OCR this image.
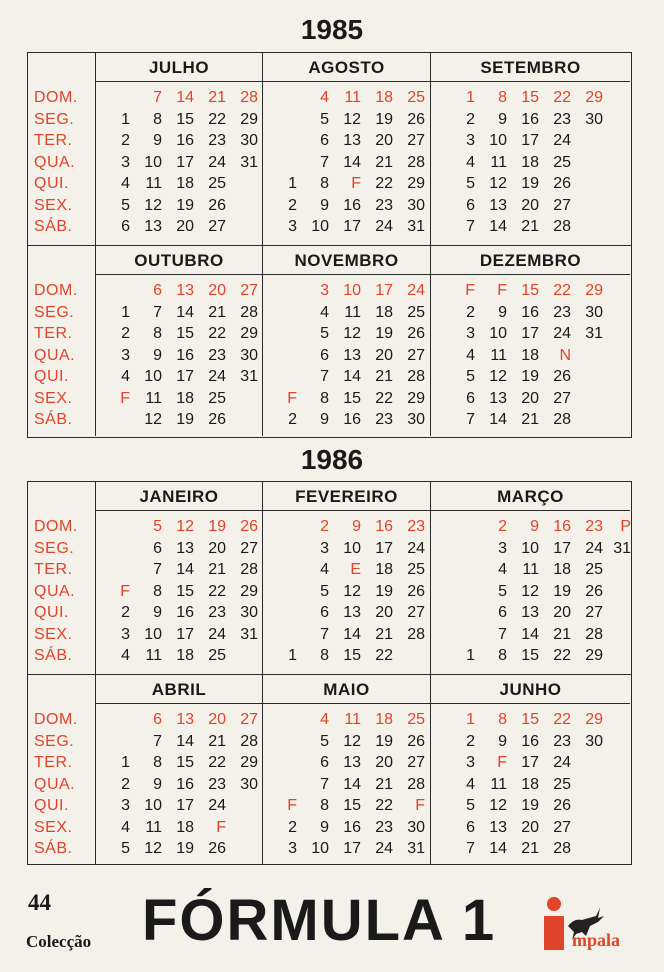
1985
DOM.
SEG.
TER.
QUA.
QUI.
SEX.
SÁB.
JULHO
1
2
3
4
5
6
7
8
9
10
11
12
13
14
15
16
17
18
19
20
21
22
23
24
25
26
27
28
29
30
31
AGOSTO
1
2
3
4
5
6
7
8
9
10
11
12
13
14
F
16
17
18
19
20
21
22
23
24
25
26
27
28
29
30
31
SETEMBRO
1
2
3
4
5
6
7
8
9
10
11
12
13
14
15
16
17
18
19
20
21
22
23
24
25
26
27
28
29
30
DOM.
SEG.
TER.
QUA.
QUI.
SEX.
SÁB.
OUTUBRO
1
2
3
4
F
6
7
8
9
10
11
12
13
14
15
16
17
18
19
20
21
22
23
24
25
26
27
28
29
30
31
NOVEMBRO
F
2
3
4
5
6
7
8
9
10
11
12
13
14
15
16
17
18
19
20
21
22
23
24
25
26
27
28
29
30
DEZEMBRO
F
2
3
4
5
6
7
F
9
10
11
12
13
14
15
16
17
18
19
20
21
22
23
24
N
26
27
28
29
30
31
1986
DOM.
SEG.
TER.
QUA.
QUI.
SEX.
SÁB.
JANEIRO
F
2
3
4
5
6
7
8
9
10
11
12
13
14
15
16
17
18
19
20
21
22
23
24
25
26
27
28
29
30
31
FEVEREIRO
1
2
3
4
5
6
7
8
9
10
E
12
13
14
15
16
17
18
19
20
21
22
23
24
25
26
27
28
MARÇO
1
2
3
4
5
6
7
8
9
10
11
12
13
14
15
16
17
18
19
20
21
22
23
24
25
26
27
28
29
P
31
DOM.
SEG.
TER.
QUA.
QUI.
SEX.
SÁB.
ABRIL
1
2
3
4
5
6
7
8
9
10
11
12
13
14
15
16
17
18
19
20
21
22
23
24
F
26
27
28
29
30
MAIO
F
2
3
4
5
6
7
8
9
10
11
12
13
14
15
16
17
18
19
20
21
22
23
24
25
26
27
28
F
30
31
JUNHO
1
2
3
4
5
6
7
8
9
F
11
12
13
14
15
16
17
18
19
20
21
22
23
24
25
26
27
28
29
30
44
Colecção FÓRMULA 1	mpala
